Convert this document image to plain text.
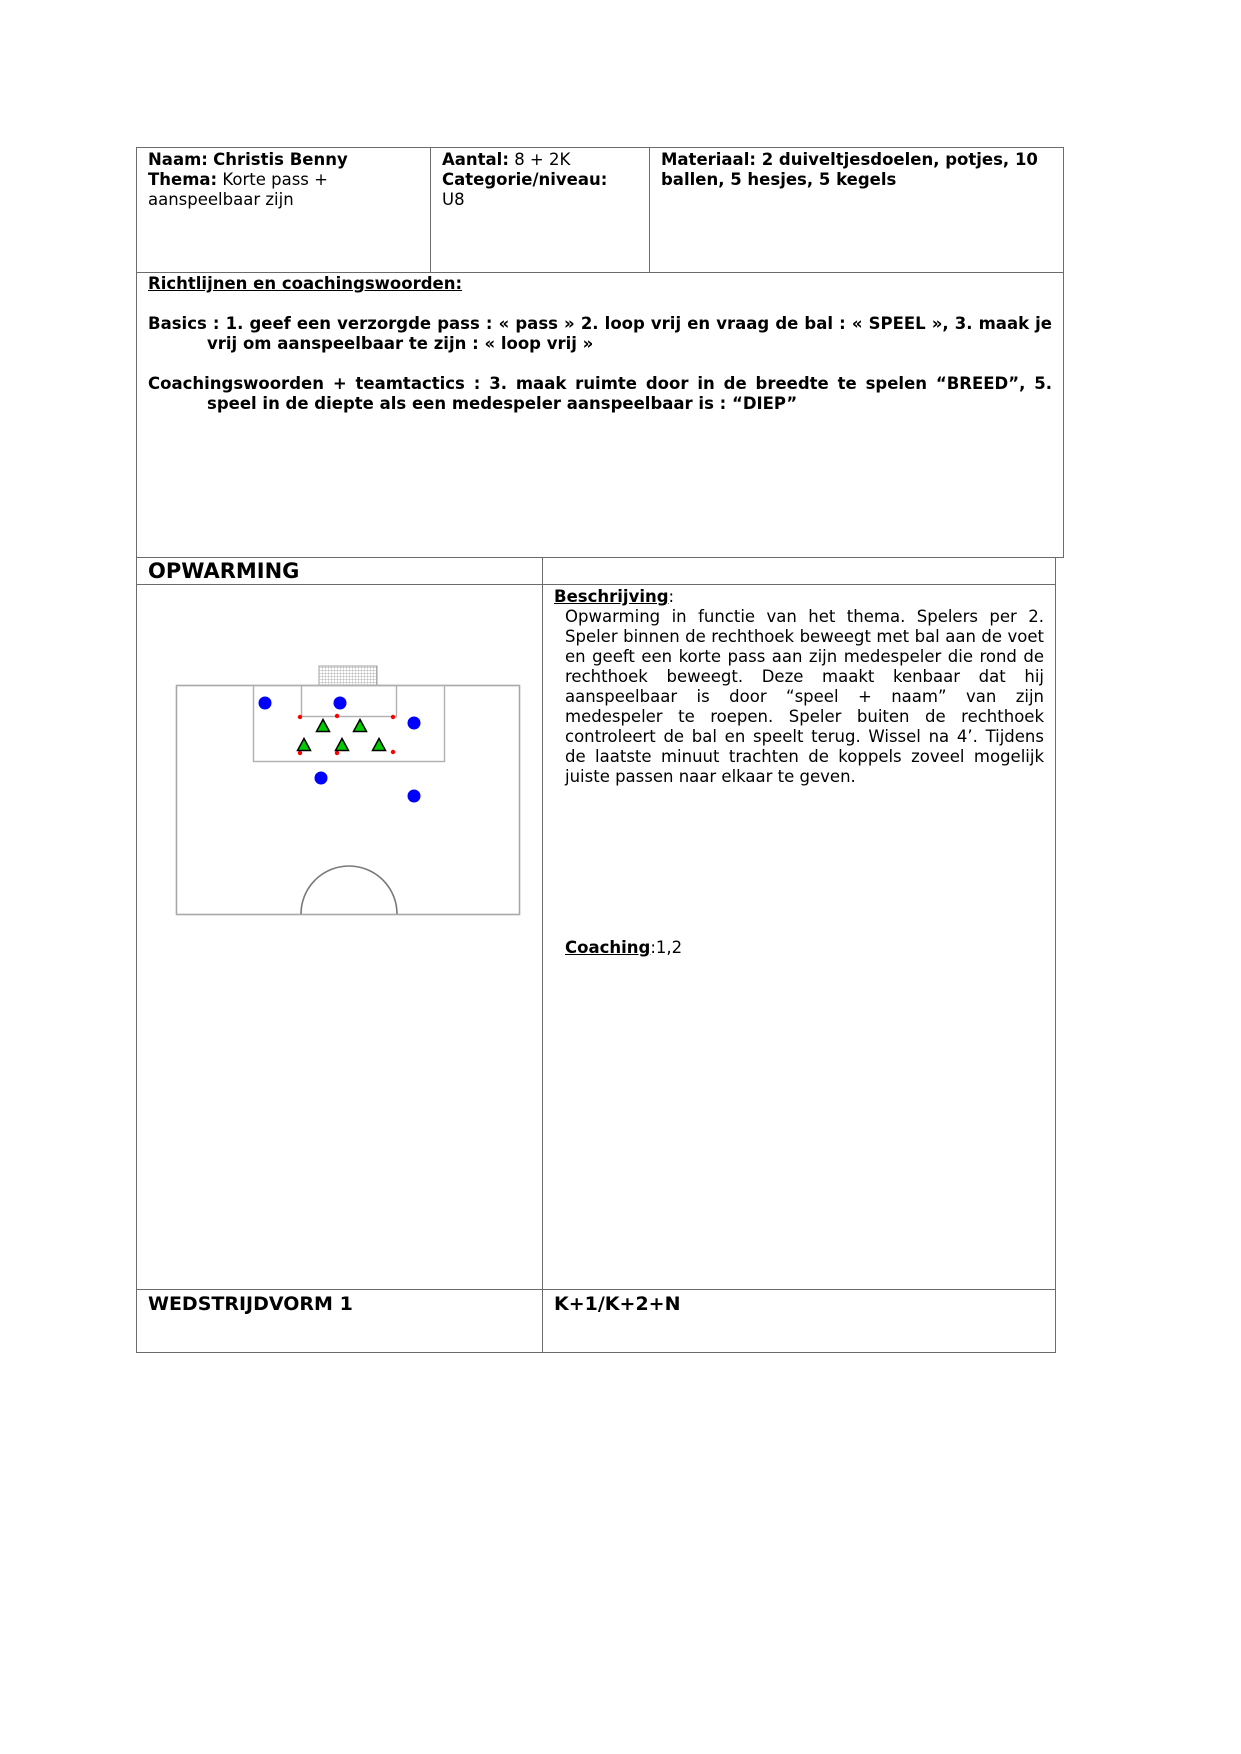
Naam: Christis Benny
Thema: Korte pass + aanspeelbaar zijn
Aantal: 8 + 2K
Categorie/niveau:
U8
Materiaal: 2 duiveltjesdoelen, potjes, 10 ballen, 5 hesjes, 5 kegels
Richtlijnen en coachingswoorden:
Basics : 1. geef een verzorgde pass : « pass » 2. loop vrij en vraag de bal : « SPEEL », 3. maak je vrij om aanspeelbaar te zijn : « loop vrij »
Coachingswoorden + teamtactics : 3. maak ruimte door in de breedte te spelen “BREED”, 5. speel in de diepte als een medespeler aanspeelbaar is : “DIEP”
OPWARMING
Beschrijving:
Opwarming in functie van het thema. Spelers per 2. Speler binnen de rechthoek beweegt met bal aan de voet en geeft een korte pass aan zijn medespeler die rond de rechthoek beweegt. Deze maakt kenbaar dat hij aanspeelbaar is door “speel + naam” van zijn medespeler te roepen. Speler buiten de rechthoek controleert de bal en speelt terug. Wissel na 4’. Tijdens de laatste minuut trachten de koppels zoveel mogelijk juiste passen naar elkaar te geven.
Coaching:1,2
WEDSTRIJDVORM 1	K+1/K+2+N
